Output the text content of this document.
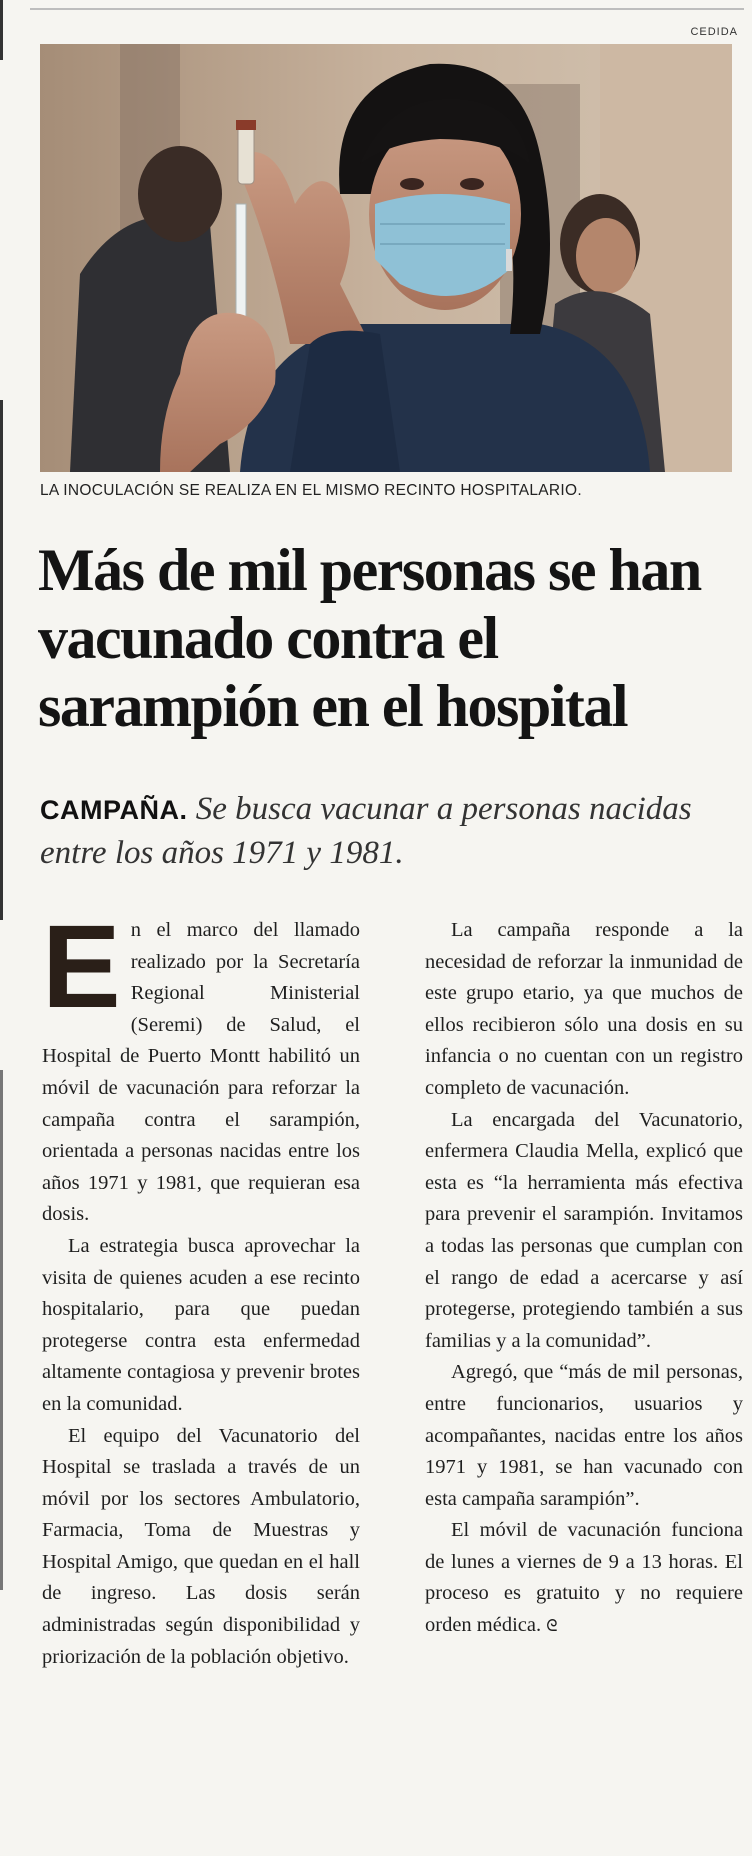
CEDIDA
LA INOCULACIÓN SE REALIZA EN EL MISMO RECINTO HOSPITALARIO.
Más de mil personas se han vacunado contra el sarampión en el hospital
CAMPAÑA. Se busca vacunar a personas nacidas entre los años 1971 y 1981.

E n el marco del llamado realizado por la Secretaría Regional Ministerial (Seremi) de Salud, el Hospital de Puerto Montt habilitó un móvil de vacunación para reforzar la campaña contra el sarampión, orientada a personas nacidas entre los años 1971 y 1981, que requieran esa dosis.

La estrategia busca aprovechar la visita de quienes acuden a ese recinto hospitalario, para que puedan protegerse contra esta enfermedad altamente contagiosa y prevenir brotes en la comunidad.

El equipo del Vacunatorio del Hospital se traslada a través de un móvil por los sectores Ambulatorio, Farmacia, Toma de Muestras y Hospital Amigo, que quedan en el hall de ingreso. Las dosis serán administradas según disponibilidad y priorización de la población objetivo.

La campaña responde a la necesidad de reforzar la inmunidad de este grupo etario, ya que muchos de ellos recibieron sólo una dosis en su infancia o no cuentan con un registro completo de vacunación.

La encargada del Vacunatorio, enfermera Claudia Mella, explicó que esta es “la herramienta más efectiva para prevenir el sarampión. Invitamos a todas las personas que cumplan con el rango de edad a acercarse y así protegerse, protegiendo también a sus familias y a la comunidad”.

Agregó, que “más de mil personas, entre funcionarios, usuarios y acompañantes, nacidas entre los años 1971 y 1981, se han vacunado con esta campaña sarampión”.

El móvil de vacunación funciona de lunes a viernes de 9 a 13 horas. El proceso es gratuito y no requiere orden médica. ᘓ
